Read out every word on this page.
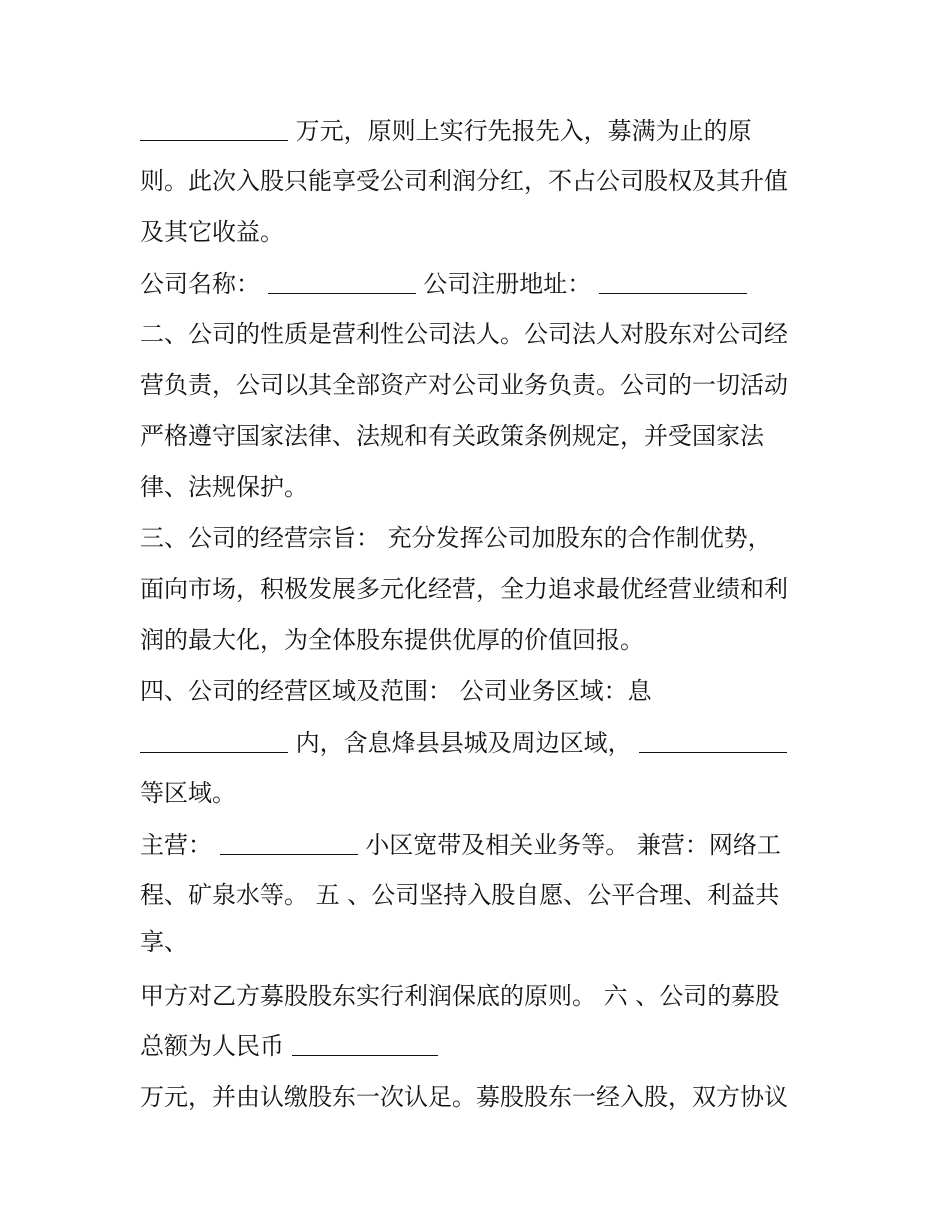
万元，原则上实行先报先入，募满为止的原
则。此次入股只能享受公司利润分红，不占公司股权及其升值
及其它收益。
公司名称：	公司注册地址：
二、公司的性质是营利性公司法人。公司法人对股东对公司经
营负责，公司以其全部资产对公司业务负责。公司的一切活动
严格遵守国家法律、法规和有关政策条例规定，并受国家法
律、法规保护。
三、公司的经营宗旨： 充分发挥公司加股东的合作制优势，
面向市场，积极发展多元化经营，全力追求最优经营业绩和利
润的最大化，为全体股东提供优厚的价值回报。
四、公司的经营区域及范围： 公司业务区域：息
内，含息烽县县城及周边区域，
等区域。
主营：	小区宽带及相关业务等。 兼营：网络工
程、矿泉水等。 五 、公司坚持入股自愿、公平合理、利益共
享、
甲方对乙方募股股东实行利润保底的原则。 六 、公司的募股
总额为人民币
万元，并由认缴股东一次认足。募股股东一经入股，双方协议
